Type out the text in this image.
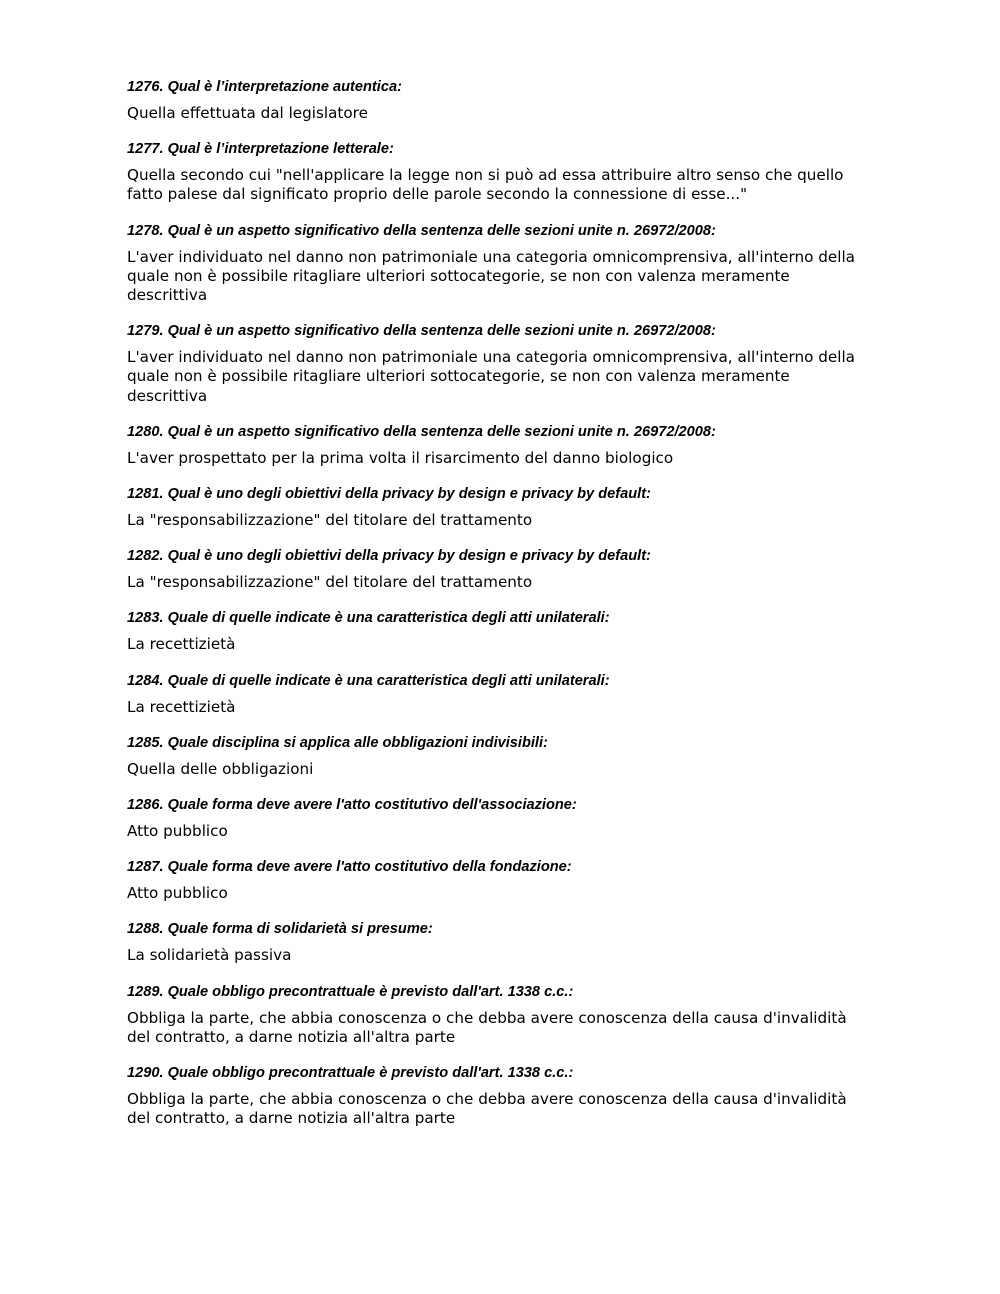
1276. Qual è l’interpretazione autentica:

Quella effettuata dal legislatore

1277. Qual è l’interpretazione letterale:

Quella secondo cui "nell'applicare la legge non si può ad essa attribuire altro senso che quello fatto palese dal significato proprio delle parole secondo la connessione di esse..."

1278. Qual è un aspetto significativo della sentenza delle sezioni unite n. 26972/2008:

L'aver individuato nel danno non patrimoniale una categoria omnicomprensiva, all'interno della quale non è possibile ritagliare ulteriori sottocategorie, se non con valenza meramente descrittiva

1279. Qual è un aspetto significativo della sentenza delle sezioni unite n. 26972/2008:

L'aver individuato nel danno non patrimoniale una categoria omnicomprensiva, all'interno della quale non è possibile ritagliare ulteriori sottocategorie, se non con valenza meramente descrittiva

1280. Qual è un aspetto significativo della sentenza delle sezioni unite n. 26972/2008:

L'aver prospettato per la prima volta il risarcimento del danno biologico

1281. Qual è uno degli obiettivi della privacy by design e privacy by default:

La "responsabilizzazione" del titolare del trattamento

1282. Qual è uno degli obiettivi della privacy by design e privacy by default:

La "responsabilizzazione" del titolare del trattamento

1283. Quale di quelle indicate è una caratteristica degli atti unilaterali:

La recettizietà

1284. Quale di quelle indicate è una caratteristica degli atti unilaterali:

La recettizietà

1285. Quale disciplina si applica alle obbligazioni indivisibili:

Quella delle obbligazioni

1286. Quale forma deve avere l'atto costitutivo dell'associazione:

Atto pubblico

1287. Quale forma deve avere l'atto costitutivo della fondazione:

Atto pubblico

1288. Quale forma di solidarietà si presume:

La solidarietà passiva

1289. Quale obbligo precontrattuale è previsto dall'art. 1338 c.c.:

Obbliga la parte, che abbia conoscenza o che debba avere conoscenza della causa d'invalidità del contratto, a darne notizia all'altra parte

1290. Quale obbligo precontrattuale è previsto dall'art. 1338 c.c.:

Obbliga la parte, che abbia conoscenza o che debba avere conoscenza della causa d'invalidità del contratto, a darne notizia all'altra parte
